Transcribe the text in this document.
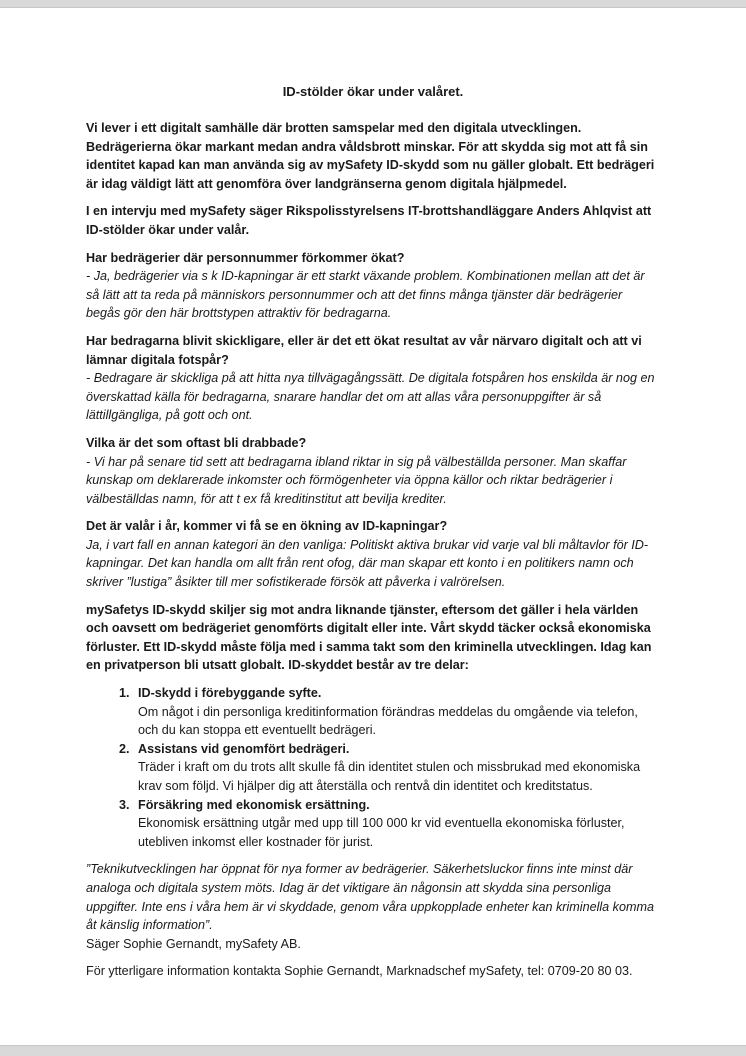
ID-stölder ökar under valåret.

Vi lever i ett digitalt samhälle där brotten samspelar med den digitala utvecklingen. Bedrägerierna ökar markant medan andra våldsbrott minskar. För att skydda sig mot att få sin identitet kapad kan man använda sig av mySafety ID-skydd som nu gäller globalt. Ett bedrägeri är idag väldigt lätt att genomföra över landgränserna genom digitala hjälpmedel.

I en intervju med mySafety säger Rikspolisstyrelsens IT-brottshandläggare Anders Ahlqvist att ID-stölder ökar under valår.

Har bedrägerier där personnummer förkommer ökat?
- Ja, bedrägerier via s k ID-kapningar är ett starkt växande problem. Kombinationen mellan att det är så lätt att ta reda på människors personnummer och att det finns många tjänster där bedrägerier begås gör den här brottstypen attraktiv för bedragarna.
Har bedragarna blivit skickligare, eller är det ett ökat resultat av vår närvaro digitalt och att vi lämnar digitala fotspår?
- Bedragare är skickliga på att hitta nya tillvägagångssätt. De digitala fotspåren hos enskilda är nog en överskattad källa för bedragarna, snarare handlar det om att allas våra personuppgifter är så lättillgängliga, på gott och ont.
Vilka är det som oftast bli drabbade?
- Vi har på senare tid sett att bedragarna ibland riktar in sig på välbeställda personer. Man skaffar kunskap om deklarerade inkomster och förmögenheter via öppna källor och riktar bedrägerier i välbeställdas namn, för att t ex få kreditinstitut att bevilja krediter.
Det är valår i år, kommer vi få se en ökning av ID-kapningar?
Ja, i vart fall en annan kategori än den vanliga: Politiskt aktiva brukar vid varje val bli måltavlor för ID-kapningar. Det kan handla om allt från rent ofog, där man skapar ett konto i en politikers namn och skriver ”lustiga” åsikter till mer sofistikerade försök att påverka i valrörelsen.

mySafetys ID-skydd skiljer sig mot andra liknande tjänster, eftersom det gäller i hela världen och oavsett om bedrägeriet genomförts digitalt eller inte. Vårt skydd täcker också ekonomiska förluster. Ett ID-skydd måste följa med i samma takt som den kriminella utvecklingen. Idag kan en privatperson bli utsatt globalt. ID-skyddet består av tre delar:

1. ID-skydd i förebyggande syfte.
Om något i din personliga kreditinformation förändras meddelas du omgående via telefon, och du kan stoppa ett eventuellt bedrägeri.
2. Assistans vid genomfört bedrägeri.
Träder i kraft om du trots allt skulle få din identitet stulen och missbrukad med ekonomiska krav som följd. Vi hjälper dig att återställa och rentvå din identitet och kreditstatus.
3. Försäkring med ekonomisk ersättning.
Ekonomisk ersättning utgår med upp till 100 000 kr vid eventuella ekonomiska förluster, utebliven inkomst eller kostnader för jurist.
”Teknikutvecklingen har öppnat för nya former av bedrägerier. Säkerhetsluckor finns inte minst där analoga och digitala system möts. Idag är det viktigare än någonsin att skydda sina personliga uppgifter. Inte ens i våra hem är vi skyddade, genom våra uppkopplade enheter kan kriminella komma åt känslig information”.
Säger Sophie Gernandt, mySafety AB.

För ytterligare information kontakta Sophie Gernandt, Marknadschef mySafety, tel: 0709-20 80 03.
